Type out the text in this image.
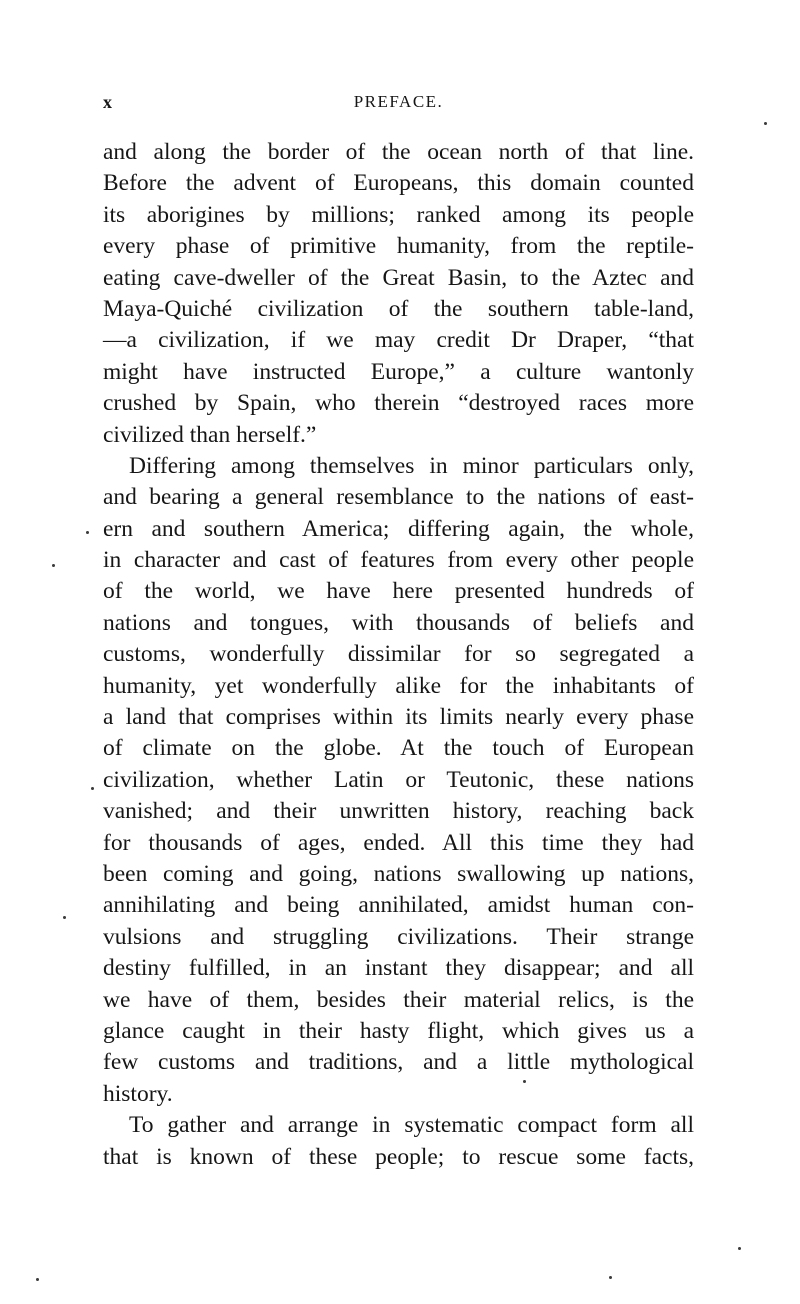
x	PREFACE.
and along the border of the ocean north of that line.
Before the advent of Europeans, this domain counted
its aborigines by millions; ranked among its people
every phase of primitive humanity, from the reptile-
eating cave-dweller of the Great Basin, to the Aztec and
Maya-Quiché civilization of the southern table-land,
—a civilization, if we may credit Dr Draper, “that
might have instructed Europe,” a culture wantonly
crushed by Spain, who therein “destroyed races more
civilized than herself.”
Differing among themselves in minor particulars only,
and bearing a general resemblance to the nations of east-
ern and southern America; differing again, the whole,
in character and cast of features from every other people
of the world, we have here presented hundreds of
nations and tongues, with thousands of beliefs and
customs, wonderfully dissimilar for so segregated a
humanity, yet wonderfully alike for the inhabitants of
a land that comprises within its limits nearly every phase
of climate on the globe. At the touch of European
civilization, whether Latin or Teutonic, these nations
vanished; and their unwritten history, reaching back
for thousands of ages, ended. All this time they had
been coming and going, nations swallowing up nations,
annihilating and being annihilated, amidst human con-
vulsions and struggling civilizations. Their strange
destiny fulfilled, in an instant they disappear; and all
we have of them, besides their material relics, is the
glance caught in their hasty flight, which gives us a
few customs and traditions, and a little mythological
history.
To gather and arrange in systematic compact form all
that is known of these people; to rescue some facts,
